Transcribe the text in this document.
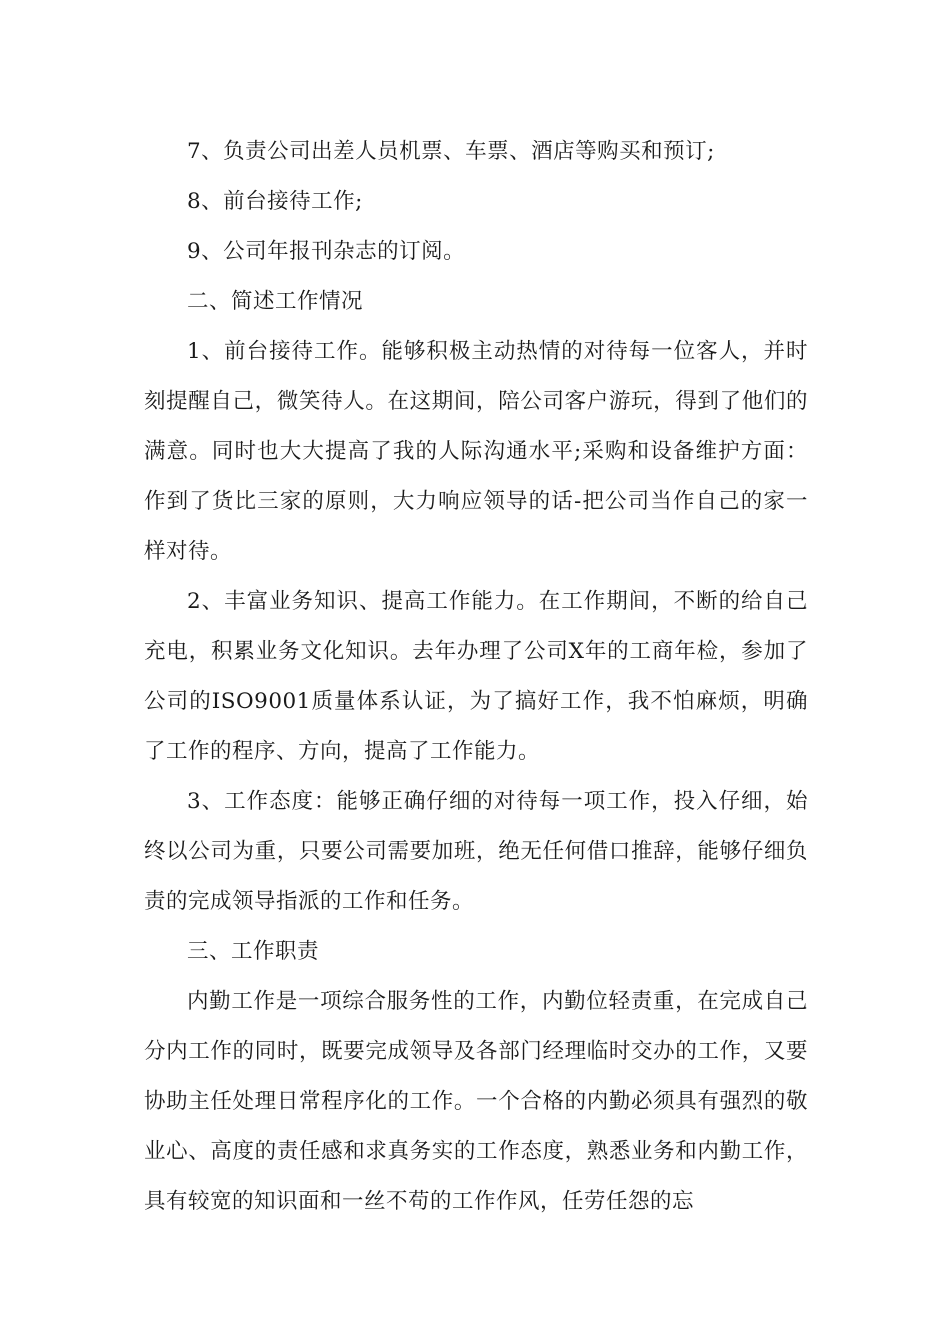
7、负责公司出差人员机票、车票、酒店等购买和预订;

8、前台接待工作;

9、公司年报刊杂志的订阅。

二、简述工作情况

1、前台接待工作。能够积极主动热情的对待每一位客人，并时刻提醒自己，微笑待人。在这期间，陪公司客户游玩，得到了他们的满意。同时也大大提高了我的人际沟通水平;采购和设备维护方面：作到了货比三家的原则，大力响应领导的话-把公司当作自己的家一样对待。

2、丰富业务知识、提高工作能力。在工作期间，不断的给自己充电，积累业务文化知识。去年办理了公司X年的工商年检，参加了公司的ISO9001质量体系认证，为了搞好工作，我不怕麻烦，明确了工作的程序、方向，提高了工作能力。

3、工作态度：能够正确仔细的对待每一项工作，投入仔细，始终以公司为重，只要公司需要加班，绝无任何借口推辞，能够仔细负责的完成领导指派的工作和任务。

三、工作职责

内勤工作是一项综合服务性的工作，内勤位轻责重，在完成自己分内工作的同时，既要完成领导及各部门经理临时交办的工作，又要协助主任处理日常程序化的工作。一个合格的内勤必须具有强烈的敬业心、高度的责任感和求真务实的工作态度，熟悉业务和内勤工作，具有较宽的知识面和一丝不苟的工作作风，任劳任怨的忘
